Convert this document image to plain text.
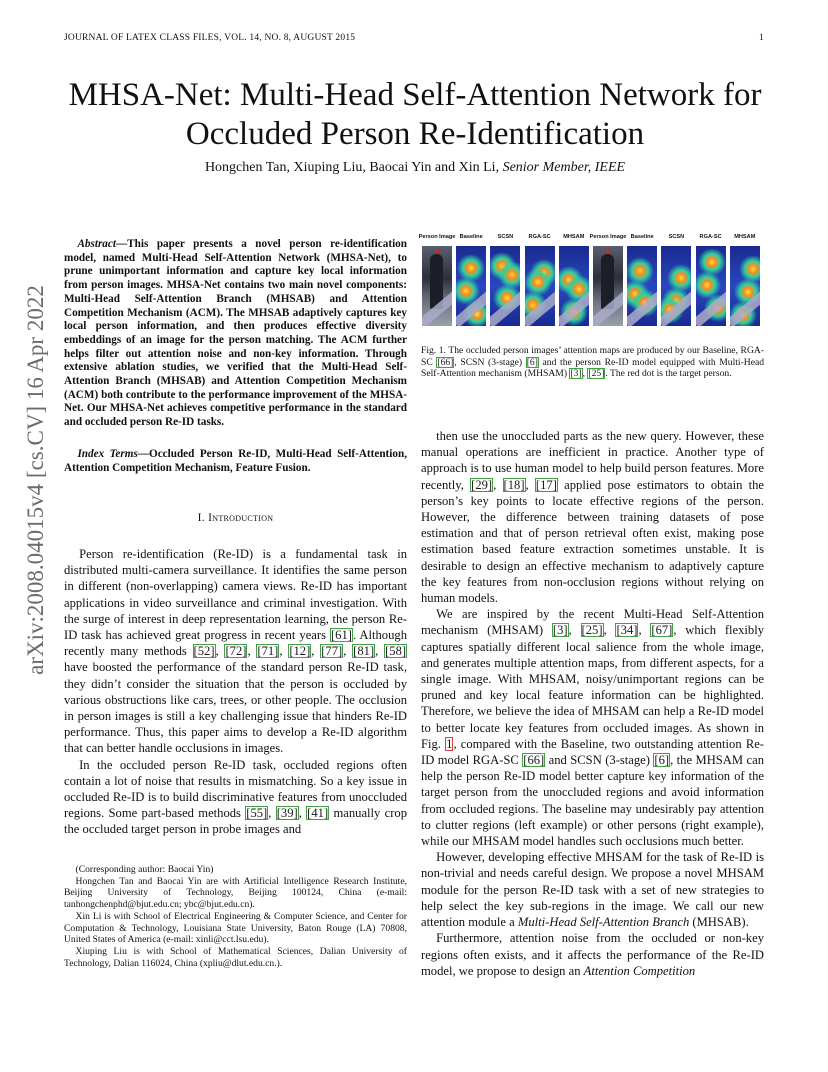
JOURNAL OF LATEX CLASS FILES, VOL. 14, NO. 8, AUGUST 2015	1
arXiv:2008.04015v4 [cs.CV] 16 Apr 2022
MHSA-Net: Multi-Head Self-Attention Network for Occluded Person Re-Identification
Hongchen Tan, Xiuping Liu, Baocai Yin and Xin Li, Senior Member, IEEE

Abstract—This paper presents a novel person re-identification model, named Multi-Head Self-Attention Network (MHSA-Net), to prune unimportant information and capture key local information from person images. MHSA-Net contains two main novel components: Multi-Head Self-Attention Branch (MHSAB) and Attention Competition Mechanism (ACM). The MHSAB adaptively captures key local person information, and then produces effective diversity embeddings of an image for the person matching. The ACM further helps filter out attention noise and non-key information. Through extensive ablation studies, we verified that the Multi-Head Self-Attention Branch (MHSAB) and Attention Competition Mechanism (ACM) both contribute to the performance improvement of the MHSA-Net. Our MHSA-Net achieves competitive performance in the standard and occluded person Re-ID tasks.

Index Terms—Occluded Person Re-ID, Multi-Head Self-Attention, Attention Competition Mechanism, Feature Fusion.

I. Introduction

Person re-identification (Re-ID) is a fundamental task in distributed multi-camera surveillance. It identifies the same person in different (non-overlapping) camera views. Re-ID has important applications in video surveillance and criminal investigation. With the surge of interest in deep representation learning, the person Re-ID task has achieved great progress in recent years [61]. Although recently many methods [52], [72], [71], [12], [77], [81], [58] have boosted the performance of the standard person Re-ID task, they didn’t consider the situation that the person is occluded by various obstructions like cars, trees, or other people. The occlusion in person images is still a key challenging issue that hinders Re-ID performance. Thus, this paper aims to develop a Re-ID algorithm that can better handle occlusions in images.

In the occluded person Re-ID task, occluded regions often contain a lot of noise that results in mismatching. So a key issue in occluded Re-ID is to build discriminative features from unoccluded regions. Some part-based methods [55], [39], [41] manually crop the occluded target person in probe images and

(Corresponding author: Baocai Yin)

Hongchen Tan and Baocai Yin are with Artificial Intelligence Research Institute, Beijing University of Technology, Beijing 100124, China (e-mail: tanhongchenphd@bjut.edu.cn; ybc@bjut.edu.cn).

Xin Li is with School of Electrical Engineering & Computer Science, and Center for Computation & Technology, Louisiana State University, Baton Rouge (LA) 70808, United States of America (e-mail: xinli@cct.lsu.edu).

Xiuping Liu is with School of Mathematical Sciences, Dalian University of Technology, Dalian 116024, China (xpliu@dlut.edu.cn.).

Person Image Baseline	SCSN	RGA-SC MHSAM Person Image Baseline	SCSN	RGA-SC MHSAM

Fig. 1. The occluded person images’ attention maps are produced by our Baseline, RGA-SC [66], SCSN (3-stage) [6] and the person Re-ID model equipped with Multi-Head Self-Attention mechanism (MHSAM) [3], [25]. The red dot is the target person.

then use the unoccluded parts as the new query. However, these manual operations are inefficient in practice. Another type of approach is to use human model to help build person features. More recently, [29], [18], [17] applied pose estimators to obtain the person’s key points to locate effective regions of the person. However, the difference between training datasets of pose estimation and that of person retrieval often exist, making pose estimation based feature extraction sometimes unstable. It is desirable to design an effective mechanism to adaptively capture the key features from non-occlusion regions without relying on human models.

We are inspired by the recent Multi-Head Self-Attention mechanism (MHSAM) [3], [25], [34], [67], which flexibly captures spatially different local salience from the whole image, and generates multiple attention maps, from different aspects, for a single image. With MHSAM, noisy/unimportant regions can be pruned and key local feature information can be highlighted. Therefore, we believe the idea of MHSAM can help a Re-ID model to better locate key features from occluded images. As shown in Fig. 1, compared with the Baseline, two outstanding attention Re-ID model RGA-SC [66] and SCSN (3-stage) [6], the MHSAM can help the person Re-ID model better capture key information of the target person from the unoccluded regions and avoid information from occluded regions. The baseline may undesirably pay attention to clutter regions (left example) or other persons (right example), while our MHSAM model handles such occlusions much better.

However, developing effective MHSAM for the task of Re-ID is non-trivial and needs careful design. We propose a novel MHSAM module for the person Re-ID task with a set of new strategies to help select the key sub-regions in the image. We call our new attention module a Multi-Head Self-Attention Branch (MHSAB).

Furthermore, attention noise from the occluded or non-key regions often exists, and it affects the performance of the Re-ID model, we propose to design an Attention Competition
